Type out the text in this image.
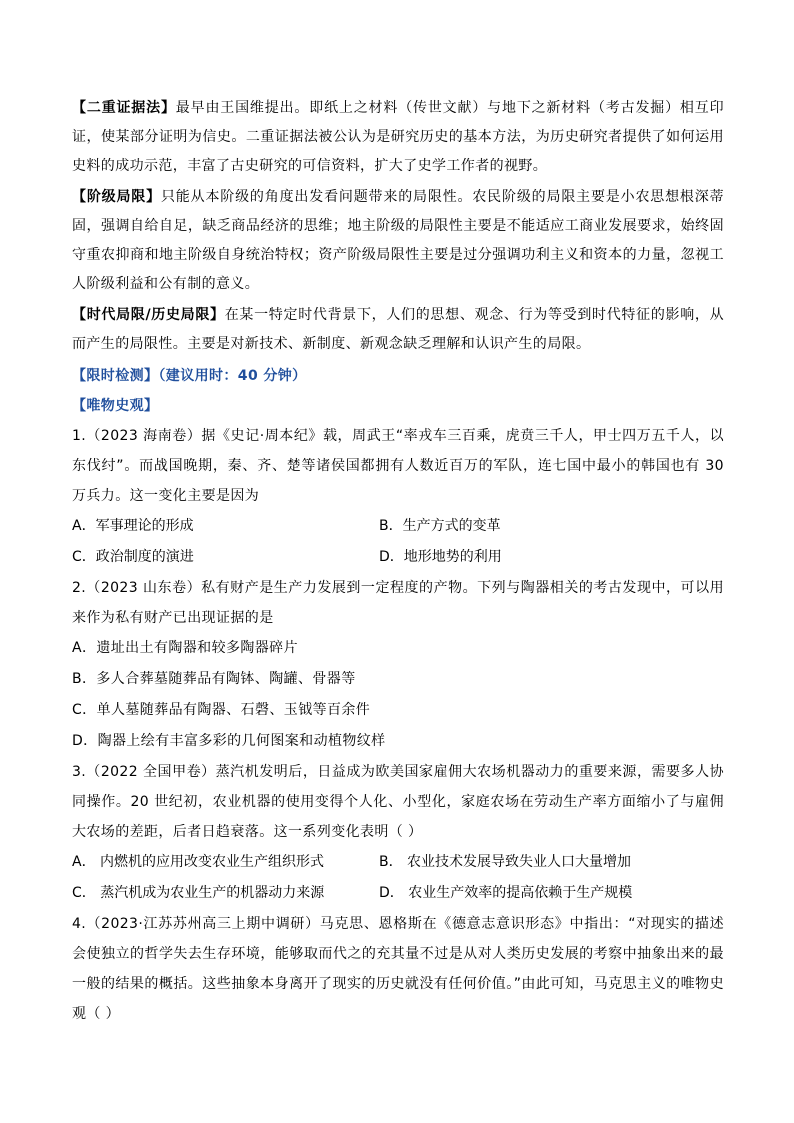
【二重证据法】最早由王国维提出。即纸上之材料（传世文献）与地下之新材料（考古发掘）相互印证，使某部分证明为信史。二重证据法被公认为是研究历史的基本方法，为历史研究者提供了如何运用史料的成功示范，丰富了古史研究的可信资料，扩大了史学工作者的视野。

【阶级局限】只能从本阶级的角度出发看问题带来的局限性。农民阶级的局限主要是小农思想根深蒂固，强调自给自足，缺乏商品经济的思维；地主阶级的局限性主要是不能适应工商业发展要求，始终固守重农抑商和地主阶级自身统治特权；资产阶级局限性主要是过分强调功利主义和资本的力量，忽视工人阶级利益和公有制的意义。

【时代局限/历史局限】在某一特定时代背景下，人们的思想、观念、行为等受到时代特征的影响，从而产生的局限性。主要是对新技术、新制度、新观念缺乏理解和认识产生的局限。

【限时检测】（建议用时：40 分钟）

【唯物史观】

1.（2023 海南卷）据《史记·周本纪》载，周武王“率戎车三百乘，虎贲三千人，甲士四万五千人，以东伐纣”。而战国晚期，秦、齐、楚等诸侯国都拥有人数近百万的军队，连七国中最小的韩国也有 30 万兵力。这一变化主要是因为

A．军事理论的形成	B．生产方式的变革
C．政治制度的演进	D．地形地势的利用

2.（2023 山东卷）私有财产是生产力发展到一定程度的产物。下列与陶器相关的考古发现中，可以用来作为私有财产已出现证据的是

A．遗址出土有陶器和较多陶器碎片

B．多人合葬墓随葬品有陶钵、陶罐、骨器等

C．单人墓随葬品有陶器、石磬、玉钺等百余件

D．陶器上绘有丰富多彩的几何图案和动植物纹样

3.（2022 全国甲卷）蒸汽机发明后，日益成为欧美国家雇佣大农场机器动力的重要来源，需要多人协同操作。20 世纪初，农业机器的使用变得个人化、小型化，家庭农场在劳动生产率方面缩小了与雇佣大农场的差距，后者日趋衰落。这一系列变化表明（ ）

A． 内燃机的应用改变农业生产组织形式	B． 农业技术发展导致失业人口大量增加
C． 蒸汽机成为农业生产的机器动力来源	D． 农业生产效率的提高依赖于生产规模

4.（2023·江苏苏州高三上期中调研）马克思、恩格斯在《德意志意识形态》中指出：“对现实的描述会使独立的哲学失去生存环境，能够取而代之的充其量不过是从对人类历史发展的考察中抽象出来的最一般的结果的概括。这些抽象本身离开了现实的历史就没有任何价值。”由此可知，马克思主义的唯物史观（ ）
